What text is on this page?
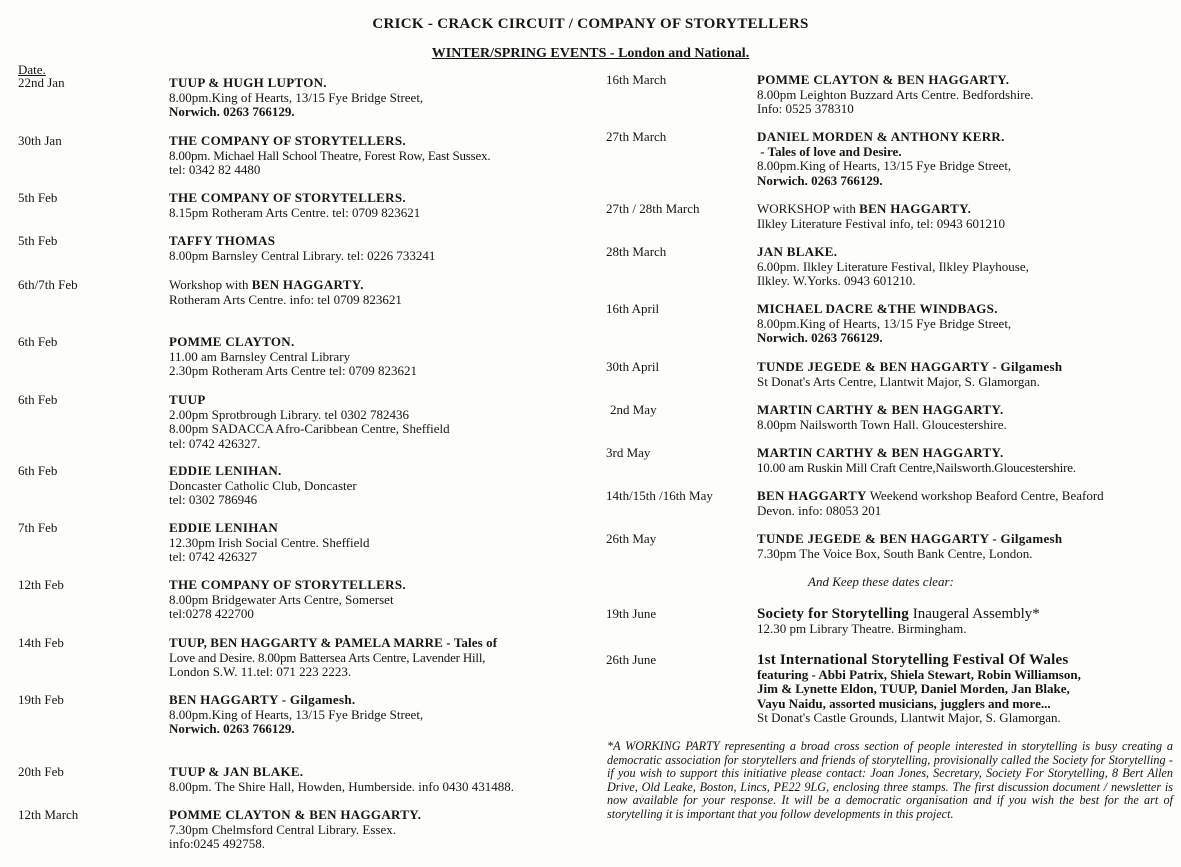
CRICK - CRACK CIRCUIT / COMPANY OF STORYTELLERS
WINTER/SPRING EVENTS - London and National.
Date.
22nd Jan	TUUP & HUGH LUPTON.
8.00pm.King of Hearts, 13/15 Fye Bridge Street,
Norwich. 0263 766129.
30th Jan	THE COMPANY OF STORYTELLERS.
8.00pm. Michael Hall School Theatre, Forest Row, East Sussex.
tel: 0342 82 4480
5th Feb	THE COMPANY OF STORYTELLERS.
8.15pm Rotheram Arts Centre. tel: 0709 823621
5th Feb	TAFFY THOMAS
8.00pm Barnsley Central Library. tel: 0226 733241
6th/7th Feb	Workshop with BEN HAGGARTY.
Rotheram Arts Centre. info: tel 0709 823621
6th Feb	POMME CLAYTON.
11.00 am Barnsley Central Library
2.30pm Rotheram Arts Centre tel: 0709 823621
6th Feb	TUUP
2.00pm Sprotbrough Library. tel 0302 782436
8.00pm SADACCA Afro-Caribbean Centre, Sheffield
tel: 0742 426327.
6th Feb	EDDIE LENIHAN.
Doncaster Catholic Club, Doncaster
tel: 0302 786946
7th Feb	EDDIE LENIHAN
12.30pm Irish Social Centre. Sheffield
tel: 0742 426327
12th Feb	THE COMPANY OF STORYTELLERS.
8.00pm Bridgewater Arts Centre, Somerset
tel:0278 422700
14th Feb	TUUP, BEN HAGGARTY & PAMELA MARRE - Tales of
Love and Desire. 8.00pm Battersea Arts Centre, Lavender Hill,
London S.W. 11.tel: 071 223 2223.
19th Feb	BEN HAGGARTY - Gilgamesh.
8.00pm.King of Hearts, 13/15 Fye Bridge Street,
Norwich. 0263 766129.
20th Feb	TUUP & JAN BLAKE.
8.00pm. The Shire Hall, Howden, Humberside. info 0430 431488.
12th March	POMME CLAYTON & BEN HAGGARTY.
7.30pm Chelmsford Central Library. Essex.
info:0245 492758.
16th March	POMME CLAYTON & BEN HAGGARTY.
8.00pm Leighton Buzzard Arts Centre. Bedfordshire.
Info: 0525 378310
27th March	DANIEL MORDEN & ANTHONY KERR.
- Tales of love and Desire.
8.00pm.King of Hearts, 13/15 Fye Bridge Street,
Norwich. 0263 766129.
27th / 28th March	WORKSHOP with BEN HAGGARTY.
Ilkley Literature Festival info, tel: 0943 601210
28th March	JAN BLAKE.
6.00pm. Ilkley Literature Festival, Ilkley Playhouse,
Ilkley. W.Yorks. 0943 601210.
16th April	MICHAEL DACRE &THE WINDBAGS.
8.00pm.King of Hearts, 13/15 Fye Bridge Street,
Norwich. 0263 766129.
30th April	TUNDE JEGEDE & BEN HAGGARTY - Gilgamesh
St Donat's Arts Centre, Llantwit Major, S. Glamorgan.
2nd May	MARTIN CARTHY & BEN HAGGARTY.
8.00pm Nailsworth Town Hall. Gloucestershire.
3rd May	MARTIN CARTHY & BEN HAGGARTY.
10.00 am Ruskin Mill Craft Centre,Nailsworth.Gloucestershire.
14th/15th /16th May	BEN HAGGARTY Weekend workshop Beaford Centre, Beaford
Devon. info: 08053 201
26th May	TUNDE JEGEDE & BEN HAGGARTY - Gilgamesh
7.30pm The Voice Box, South Bank Centre, London.
And Keep these dates clear:
19th June	Society for Storytelling Inaugeral Assembly*
12.30 pm Library Theatre. Birmingham.
26th June	1st International Storytelling Festival Of Wales
featuring - Abbi Patrix, Shiela Stewart, Robin Williamson,
Jim & Lynette Eldon, TUUP, Daniel Morden, Jan Blake,
Vayu Naidu, assorted musicians, jugglers and more...
St Donat's Castle Grounds, Llantwit Major, S. Glamorgan.
*A WORKING PARTY representing a broad cross section of people interested in storytelling is busy creating a democratic association for storytellers and friends of storytelling, provisionally called the Society for Storytelling - if you wish to support this initiative please contact: Joan Jones, Secretary, Society For Storytelling, 8 Bert Allen Drive, Old Leake, Boston, Lincs, PE22 9LG, enclosing three stamps. The first discussion document / newsletter is now available for your response. It will be a democratic organisation and if you wish the best for the art of storytelling it is important that you follow developments in this project.
